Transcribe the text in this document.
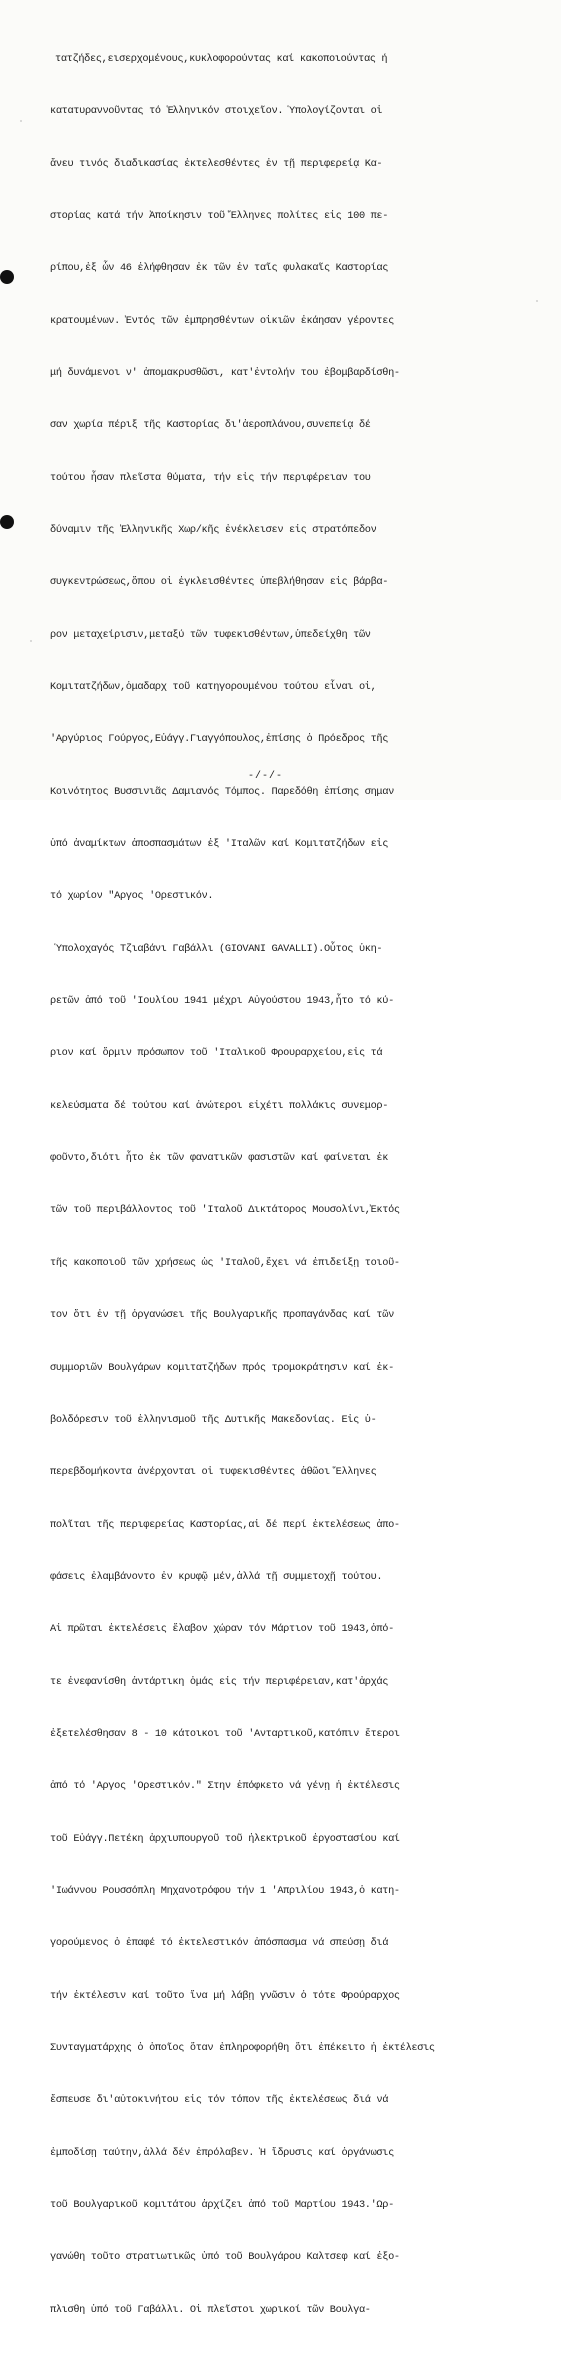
τατζήδες,εισερχομένους,κυκλοφορούντας καί κακοποιούντας ή

κατατυραννοῦντας τό Ἑλληνικόν στοιχεῖον. Ὑπολογίζονται οἱ

ἄνευ τινός διαδικασίας ἐκτελεσθέντες ἐν τῇ περιφερείᾳ Κα-

στορίας κατά τήν Ἀποίκησιν τοῦ Ἕλληνες πολίτες εἰς 100 πε-

ρίπου,ἐξ ὧν 46 ἐλήφθησαν ἐκ τῶν ἐν ταῖς φυλακαῖς Καστορίας

κρατουμένων. Ἐντός τῶν ἐμπρησθέντων οἰκιῶν ἐκάησαν γέροντες

μή δυνάμενοι ν' ἀπομακρυσθῶσι, κατ'ἐντολήν του ἐβομβαρδίσθη-

σαν χωρία πέριξ τῆς Καστορίας δι'ἀεροπλάνου,συνεπείᾳ δέ

τούτου ἦσαν πλεῖστα θύματα, τήν εἰς τήν περιφέρειαν του

δύναμιν τῆς Ἑλληνικῆς Χωρ/κῆς ἐνέκλεισεν εἰς στρατόπεδον

συγκεντρώσεως,ὅπου οἱ ἐγκλεισθέντες ὑπεβλήθησαν εἰς βάρβα-

ρον μεταχείρισιν,μεταξύ τῶν τυφεκισθέντων,ὑπεδείχθη τῶν

Κομιτατζήδων,ὁμαδαρχ τοῦ κατηγορουμένου τούτου εἶναι οἱ,

'Αργύριος Γούργος,Εὐάγγ.Γιαγγόπουλος,ἐπίσης ὁ Πρόεδρος τῆς

Κοινότητος Βυσσινιᾶς Δαμιανός Τόμπος. Παρεδόθη ἐπίσης σημαν

ὑπό ἀναμίκτων ἀποσπασμάτων ἐξ 'Ιταλῶν καί Κομιτατζήδων εἰς

τό χωρίον "Αργος 'Ορεστικόν.

Ὑπολοχαγός Τζιαβάνι Γαβάλλι (GIOVANI GAVALLI).Οὗτος ὑκη-

ρετῶν ἀπό τοῦ 'Ιουλίου 1941 μέχρι Αὐγούστου 1943,ἦτο τό κύ-

ριον καί ὅρμιν πρόσωπον τοῦ 'Ιταλικοῦ Φρουραρχείου,εἰς τά

κελεύσματα δέ τούτου καί ἀνώτεροι εἰχέτι πολλάκις συνεμορ-

φοῦντο,διότι ἦτο ἐκ τῶν φανατικῶν φασιστῶν καί φαίνεται ἐκ

τῶν τοῦ περιβάλλοντος τοῦ 'Ιταλοῦ Δικτάτορος Μουσολίνι,Ἐκτός

τῆς κακοποιοῦ τῶν χρήσεως ὡς 'Ιταλοῦ,ἔχει νά ἐπιδείξῃ τοιοῦ-

τον ὅτι ἐν τῇ ὀργανώσει τῆς Βουλγαρικῆς προπαγάνδας καί τῶν

συμμοριῶν Βουλγάρων κομιτατζήδων πρός τρομοκράτησιν καί ἐκ-

βολδόρεσιν τοῦ ἑλληνισμοῦ τῆς Δυτικῆς Μακεδονίας. Εἰς ὑ-

περεβδομήκοντα ἀνέρχονται οἱ τυφεκισθέντες ἀθῶοι Ἕλληνες

πολῖται τῆς περιφερείας Καστορίας,αἱ δέ περί ἐκτελέσεως ἀπο-

φάσεις ἐλαμβάνοντο ἐν κρυφῷ μέν,ἀλλά τῇ συμμετοχῇ τούτου.

Αἱ πρῶται ἐκτελέσεις ἔλαβον χώραν τόν Μάρτιον τοῦ 1943,ὁπό-

τε ἐνεφανίσθη ἀντάρτικη ὁμάς εἰς τήν περιφέρειαν,κατ'ἀρχάς

ἐξετελέσθησαν 8 - 10 κάτοικοι τοῦ 'Ανταρτικοῦ,κατόπιν ἕτεροι

ἀπό τό 'Αργος 'Ορεστικόν." Στην ἐπόφκετο νά γένῃ ἡ ἐκτέλεσις

τοῦ Εὐάγγ.Πετέκη ἀρχιυπουργοῦ τοῦ ἠλεκτρικοῦ ἐργοστασίου καί

'Ιωάννου Ρουσσόπλη Μηχανοτρόφου τήν 1 'Απριλίου 1943,ὁ κατη-

γορούμενος ὁ ἐπαφέ τό ἐκτελεστικόν ἀπόσπασμα νά σπεύσῃ διά

τήν ἐκτέλεσιν καί τοῦτο ἵνα μή λάβῃ γνῶσιν ὁ τότε Φρούραρχος

Συνταγματάρχης ὁ ὁποῖος ὅταν ἐπληροφορήθη ὅτι ἐπέκειτο ἡ ἐκτέλεσις

ἔσπευσε δι'αὐτοκινήτου εἰς τόν τόπον τῆς ἐκτελέσεως διά νά

ἐμποδίσῃ ταύτην,ἀλλά δέν ἐπρόλαβεν. Ἡ ἵδρυσις καί ὀργάνωσις

τοῦ Βουλγαρικοῦ κομιτάτου ἀρχίζει ἀπό τοῦ Μαρτίου 1943.'Ωρ-

γανώθη τοῦτο στρατιωτικῶς ὑπό τοῦ Βουλγάρου Καλτσεφ καί ἐξο-

πλισθη ὑπό τοῦ Γαβάλλι. Οἱ πλεῖστοι χωρικοί τῶν Βουλγα-

-/-/-
